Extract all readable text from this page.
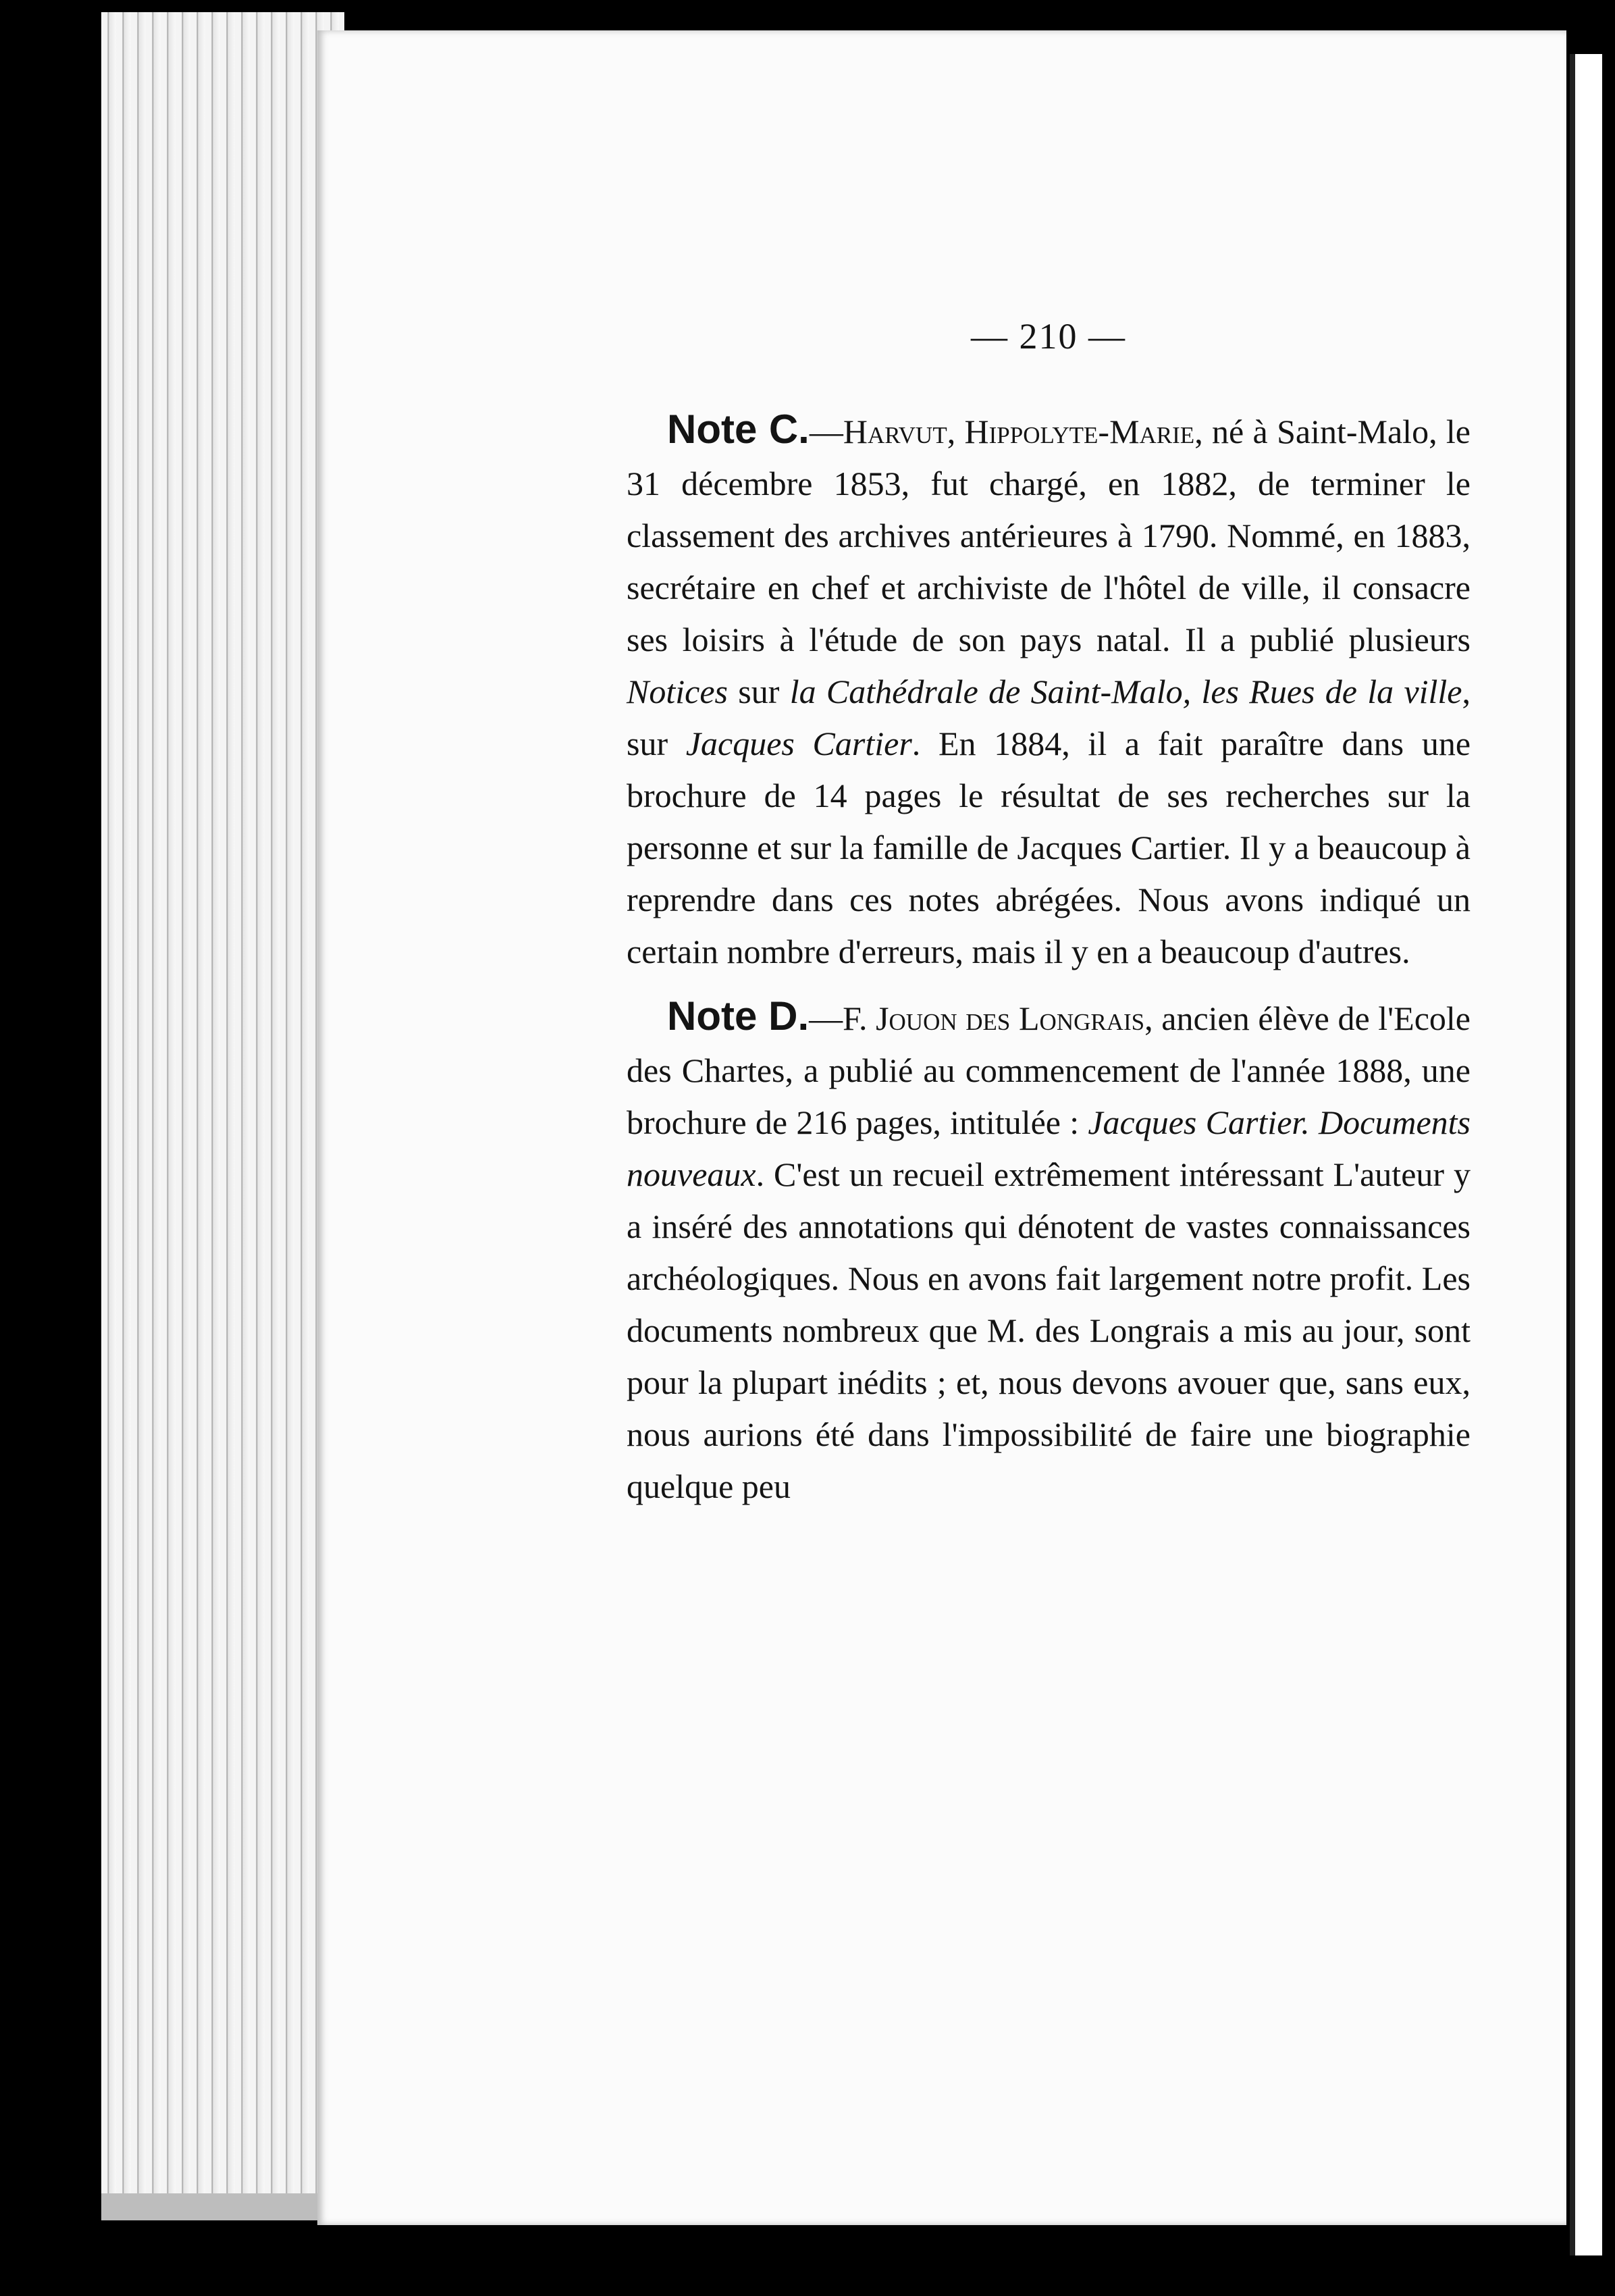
— 210 —

Note C.—Harvut, Hippolyte-Marie, né à Saint-Malo, le 31 décembre 1853, fut chargé, en 1882, de terminer le classement des archives antérieures à 1790. Nommé, en 1883, secrétaire en chef et archiviste de l'hôtel de ville, il consacre ses loisirs à l'étude de son pays natal. Il a publié plusieurs Notices sur la Cathédrale de Saint-Malo, les Rues de la ville, sur Jacques Cartier. En 1884, il a fait paraître dans une brochure de 14 pages le résultat de ses recherches sur la personne et sur la famille de Jacques Cartier. Il y a beaucoup à reprendre dans ces notes abrégées. Nous avons indiqué un certain nombre d'erreurs, mais il y en a beaucoup d'autres.

Note D.—F. Jouon des Longrais, ancien élève de l'Ecole des Chartes, a publié au commencement de l'année 1888, une brochure de 216 pages, intitulée : Jacques Cartier. Documents nouveaux. C'est un recueil extrêmement intéressant L'auteur y a inséré des annotations qui dénotent de vastes connaissances archéologiques. Nous en avons fait largement notre profit. Les documents nombreux que M. des Longrais a mis au jour, sont pour la plupart inédits ; et, nous devons avouer que, sans eux, nous aurions été dans l'impossibilité de faire une biographie quelque peu
